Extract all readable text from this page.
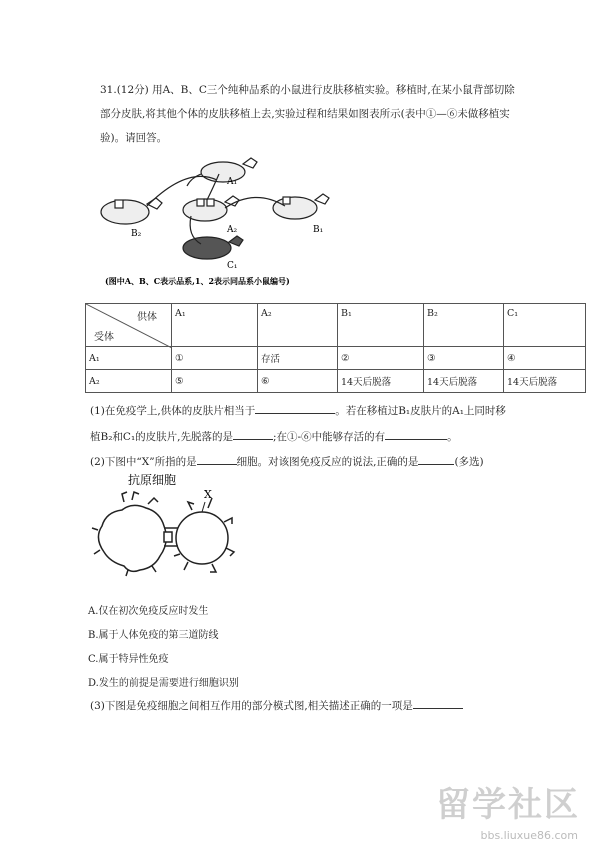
31.(12分) 用A、B、C三个纯种品系的小鼠进行皮肤移植实验。移植时,在某小鼠背部切除
部分皮肤,将其他个体的皮肤移植上去,实验过程和结果如图表所示(表中①—⑥未做移植实
验)。请回答。
A₁
B₂	A₂	B₁
C₁
(图中A、B、C表示品系,1、2表示同品系小鼠编号)
供体
受体	A₁	A₂	B₁	B₂	C₁
A₁	①	存活	②	③	④
A₂	⑤	⑥	14天后脱落	14天后脱落	14天后脱落
(1)在免疫学上,供体的皮肤片相当于	。若在移植过B₁皮肤片的A₁上同时移
植B₂和C₁的皮肤片,先脱落的是	;在①-⑥中能够存活的有	。
(2)下图中“X”所指的是	细胞。对该图免疫反应的说法,正确的是	(多选)
抗原细胞
X
A.仅在初次免疫反应时发生
B.属于人体免疫的第三道防线
C.属于特异性免疫
D.发生的前提是需要进行细胞识别
(3)下图是免疫细胞之间相互作用的部分模式图,相关描述正确的一项是
留学社区
bbs.liuxue86.com
